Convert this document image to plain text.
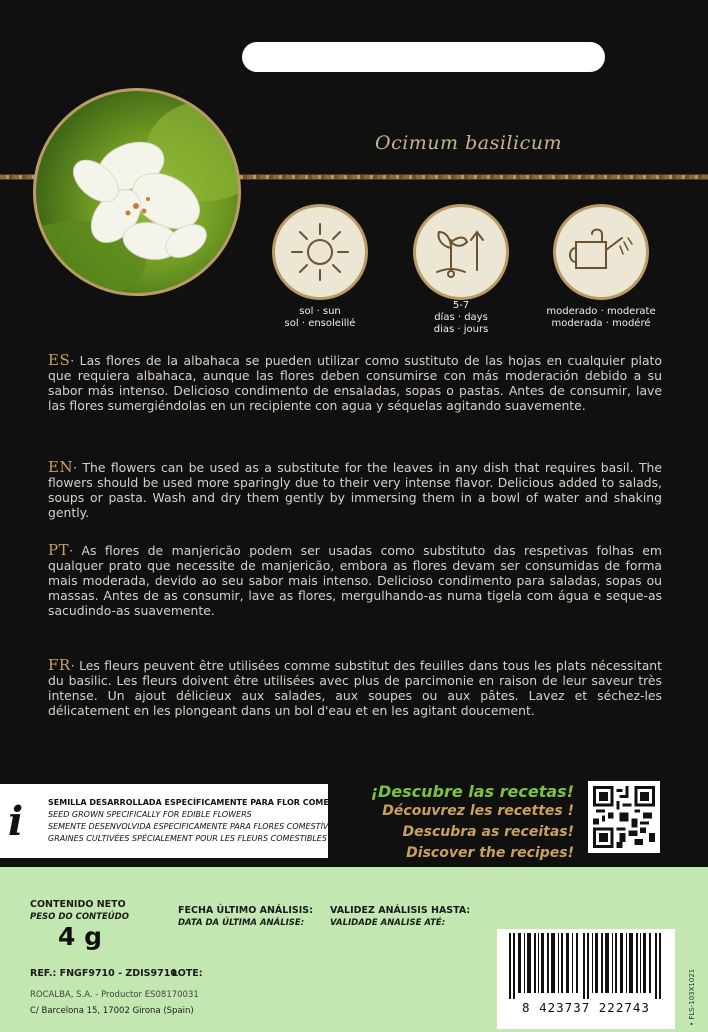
Ocimum basilicum
sol · sun
sol · ensoleillé
5-7
días · days
dias · jours
moderado · moderate
moderada · modéré
ES· Las flores de la albahaca se pueden utilizar como sustituto de las hojas en cualquier plato que requiera albahaca, aunque las flores deben consumirse con más moderación debido a su sabor más intenso. Delicioso condimento de ensaladas, sopas o pastas. Antes de consumir, lave las flores sumergiéndolas en un recipiente con agua y séquelas agitando suavemente.
EN· The flowers can be used as a substitute for the leaves in any dish that requires basil. The flowers should be used more sparingly due to their very intense flavor. Delicious added to salads, soups or pasta. Wash and dry them gently by immersing them in a bowl of water and shaking gently.
PT· As flores de manjericão podem ser usadas como substituto das respetivas folhas em qualquer prato que necessite de manjericão, embora as flores devam ser consumidas de forma mais moderada, devido ao seu sabor mais intenso. Delicioso condimento para saladas, sopas ou massas. Antes de as consumir, lave as flores, mergulhando-as numa tigela com água e seque-as sacudindo-as suavemente.
FR· Les fleurs peuvent être utilisées comme substitut des feuilles dans tous les plats nécessitant du basilic. Les fleurs doivent être utilisées avec plus de parcimonie en raison de leur saveur très intense. Un ajout délicieux aux salades, aux soupes ou aux pâtes. Lavez et séchez-les délicatement en les plongeant dans un bol d'eau et en les agitant doucement.
i	SEMILLA DESARROLLADA ESPECÍFICAMENTE PARA FLOR COMESTIBLE
SEED GROWN SPECIFICALLY FOR EDIBLE FLOWERS
SEMENTE DESENVOLVIDA ESPECIFICAMENTE PARA FLORES COMESTÍVEIS
GRAINES CULTIVÉES SPÉCIALEMENT POUR LES FLEURS COMESTIBLES
¡Descubre las recetas!
Découvrez les recettes !
Descubra as receitas!
Discover the recipes!
CONTENIDO NETO
PESO DO CONTEÚDO
4 g
FECHA ÚLTIMO ANÁLISIS:
DATA DA ÚLTIMA ANÁLISE:
VALIDEZ ANÁLISIS HASTA:
VALIDADE ANALISE ATÉ:
REF.: FNGF9710 - ZDIS9710
LOTE:
ROCALBA, S.A. - Productor ES08170031
C/ Barcelona 15, 17002 Girona (Spain)	8 423737 222743	• FLS-103X1021
